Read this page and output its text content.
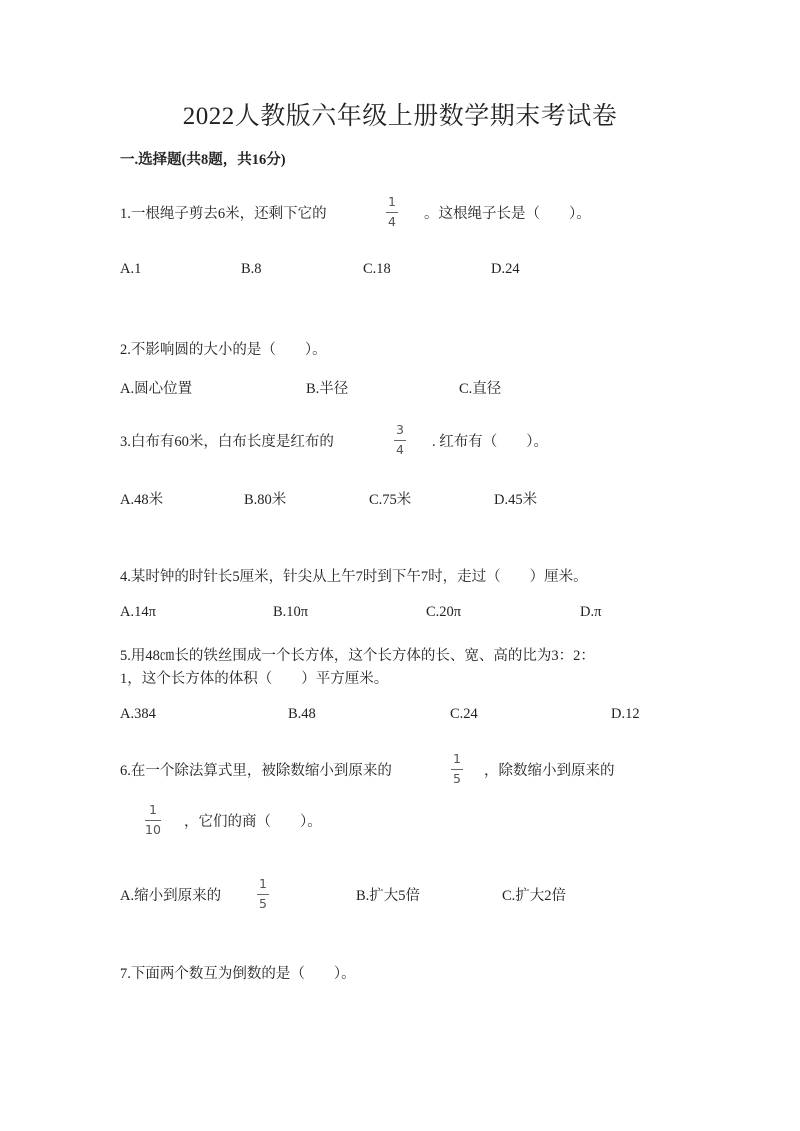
2022人教版六年级上册数学期末考试卷
一.选择题(共8题，共16分)
1.一根绳子剪去6米，还剩下它的
1
4 。这根绳子长是（　　）。
A.1	B.8	C.18	D.24
2.不影响圆的大小的是（　　）。
A.圆心位置	B.半径	C.直径
3.白布有60米，白布长度是红布的
3
4 . 红布有（　　）。
A.48米	B.80米	C.75米	D.45米
4.某时钟的时针长5厘米，针尖从上午7时到下午7时，走过（　　）厘米。
A.14π	B.10π	C.20π	D.π
5.用48㎝长的铁丝围成一个长方体，这个长方体的长、宽、高的比为3：2：
1，这个长方体的体积（　　）平方厘米。
A.384	B.48	C.24	D.12
6.在一个除法算式里，被除数缩小到原来的
1
5 ，除数缩小到原来的
1
10 ，它们的商（　　）。
A.缩小到原来的
1
5	B.扩大5倍	C.扩大2倍
7.下面两个数互为倒数的是（　　）。
